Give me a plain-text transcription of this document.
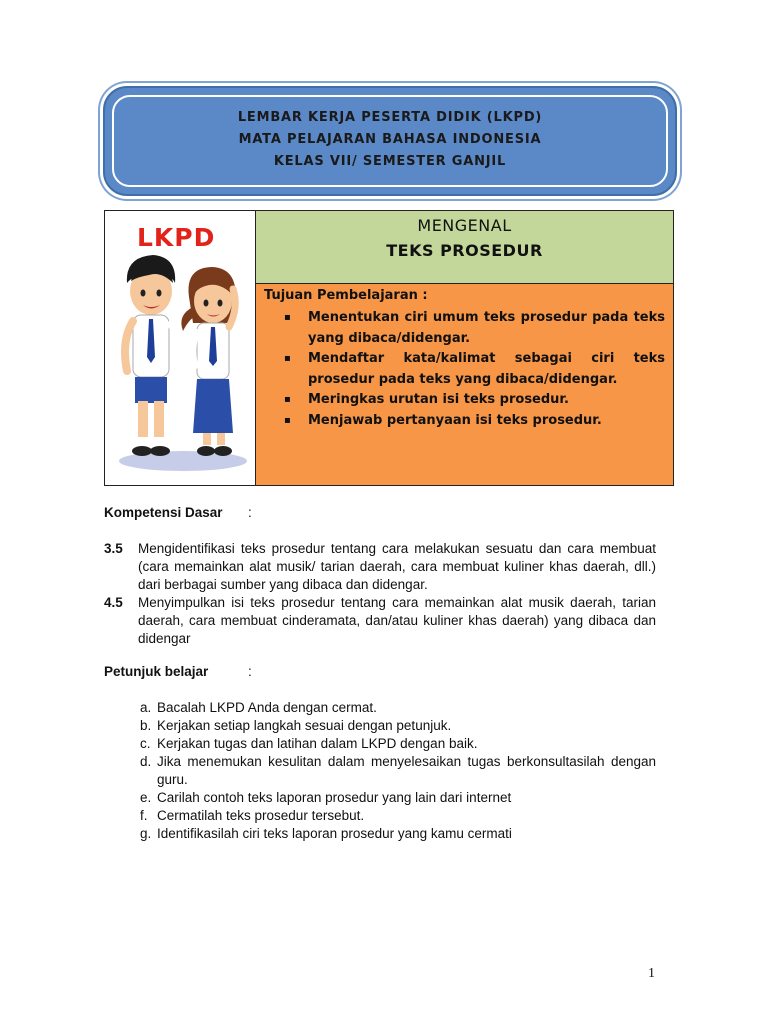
LEMBAR KERJA PESERTA DIDIK (LKPD)
MATA PELAJARAN BAHASA INDONESIA
KELAS VII/ SEMESTER GANJIL
LKPD	MENGENAL
TEKS PROSEDUR
Tujuan Pembelajaran :
▪ Menentukan ciri umum teks prosedur pada teks yang dibaca/didengar.
▪ Mendaftar kata/kalimat sebagai ciri teks prosedur pada teks yang dibaca/didengar.
▪ Meringkas urutan isi teks prosedur.
▪ Menjawab pertanyaan isi teks prosedur.
Kompetensi Dasar :
3.5 Mengidentifikasi teks prosedur tentang cara melakukan sesuatu dan cara membuat (cara memainkan alat musik/ tarian daerah, cara membuat kuliner khas daerah, dll.) dari berbagai sumber yang dibaca dan didengar.
4.5 Menyimpulkan isi teks prosedur tentang cara memainkan alat musik daerah, tarian daerah, cara membuat cinderamata, dan/atau kuliner khas daerah) yang dibaca dan didengar
Petunjuk belajar	:
a. Bacalah LKPD Anda dengan cermat.
b. Kerjakan setiap langkah sesuai dengan petunjuk.
c. Kerjakan tugas dan latihan dalam LKPD dengan baik.
d. Jika menemukan kesulitan dalam menyelesaikan tugas berkonsultasilah dengan guru.
e. Carilah contoh teks laporan prosedur yang lain dari internet
f. Cermatilah teks prosedur tersebut.
g. Identifikasilah ciri teks laporan prosedur yang kamu cermati
1
